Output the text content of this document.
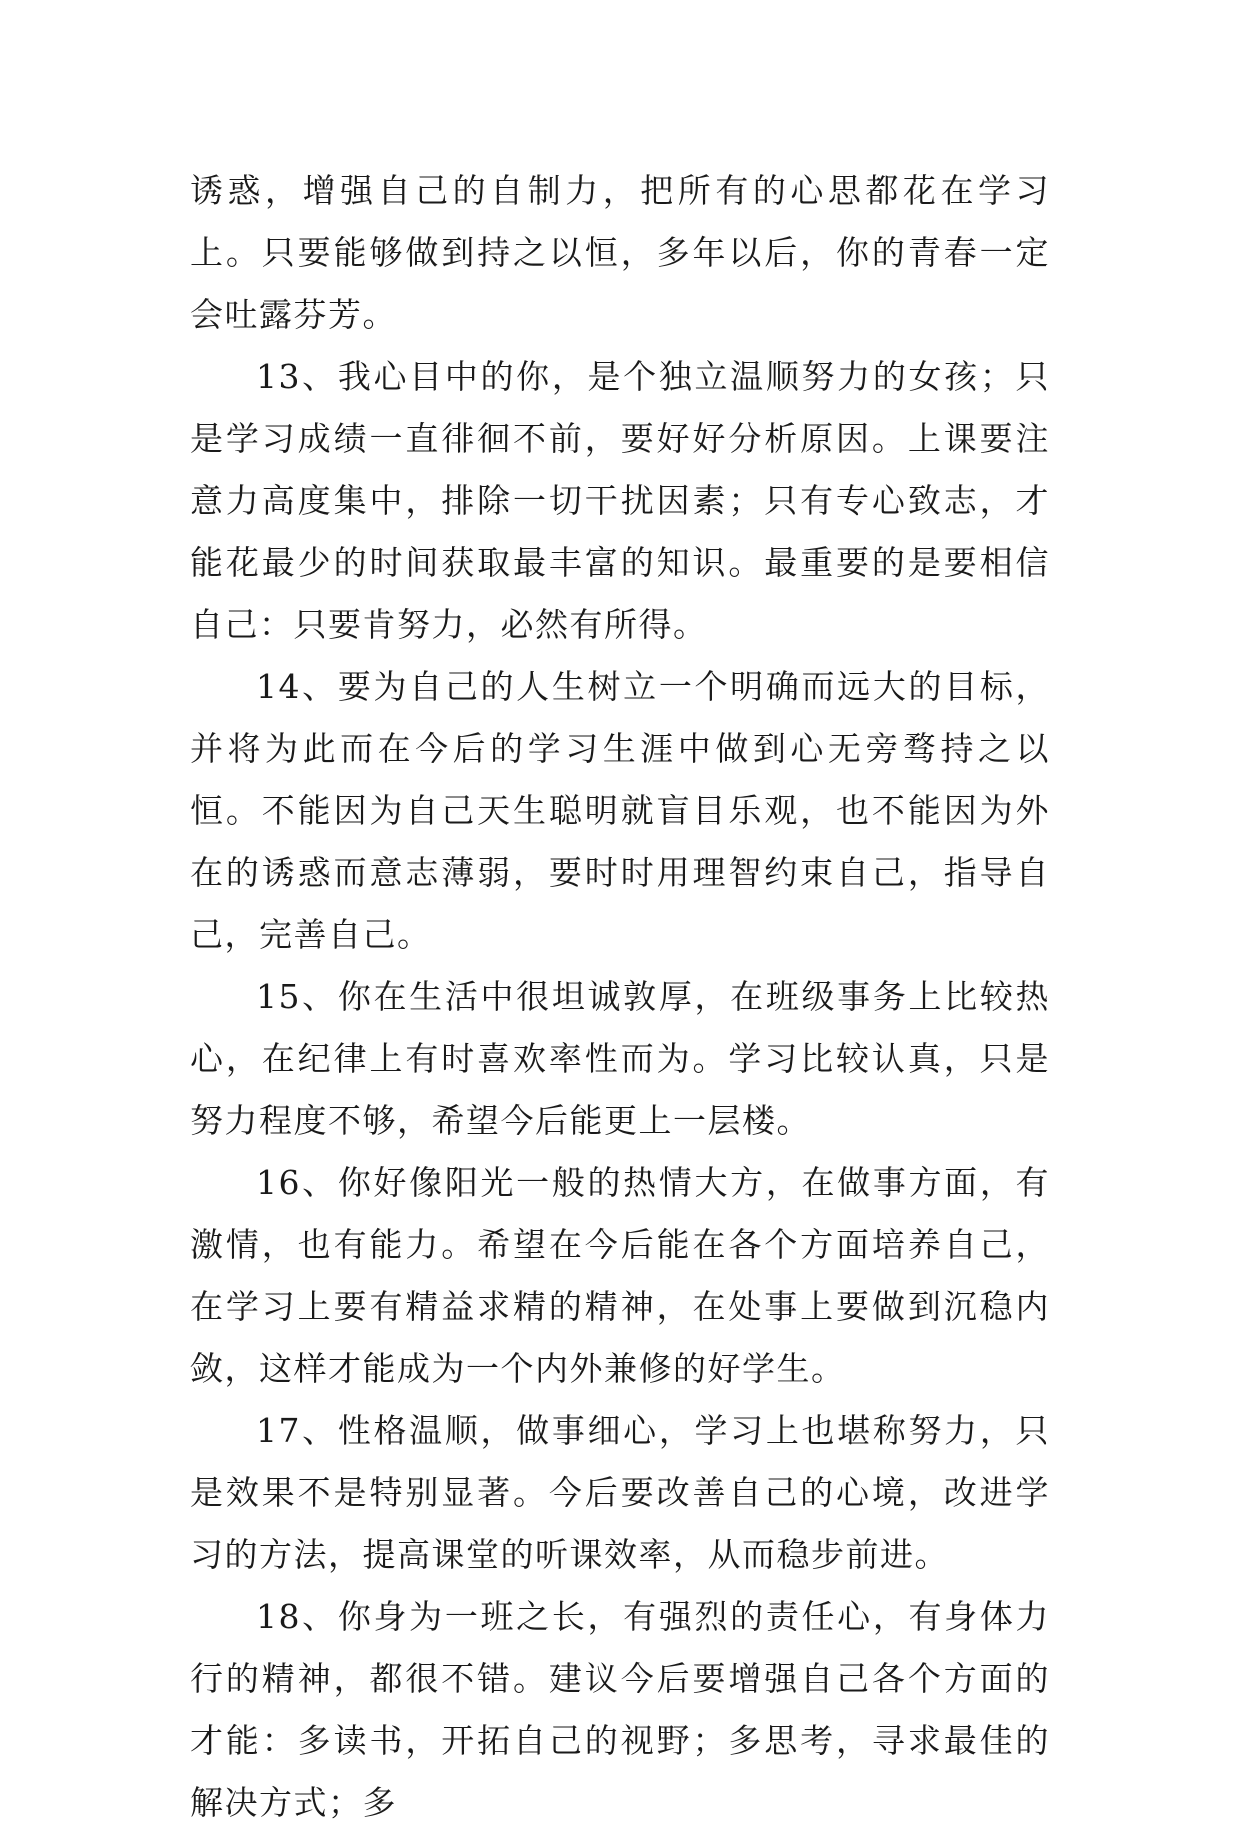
诱惑，增强自己的自制力，把所有的心思都花在学习上。只要能够做到持之以恒，多年以后，你的青春一定会吐露芬芳。

13、我心目中的你，是个独立温顺努力的女孩；只是学习成绩一直徘徊不前，要好好分析原因。上课要注意力高度集中，排除一切干扰因素；只有专心致志，才能花最少的时间获取最丰富的知识。最重要的是要相信自己：只要肯努力，必然有所得。

14、要为自己的人生树立一个明确而远大的目标，并将为此而在今后的学习生涯中做到心无旁骛持之以恒。不能因为自己天生聪明就盲目乐观，也不能因为外在的诱惑而意志薄弱，要时时用理智约束自己，指导自己，完善自己。

15、你在生活中很坦诚敦厚，在班级事务上比较热心，在纪律上有时喜欢率性而为。学习比较认真，只是努力程度不够，希望今后能更上一层楼。

16、你好像阳光一般的热情大方，在做事方面，有激情，也有能力。希望在今后能在各个方面培养自己，在学习上要有精益求精的精神，在处事上要做到沉稳内敛，这样才能成为一个内外兼修的好学生。

17、性格温顺，做事细心，学习上也堪称努力，只是效果不是特别显著。今后要改善自己的心境，改进学习的方法，提高课堂的听课效率，从而稳步前进。

18、你身为一班之长，有强烈的责任心，有身体力行的精神，都很不错。建议今后要增强自己各个方面的才能：多读书，开拓自己的视野；多思考，寻求最佳的解决方式；多
